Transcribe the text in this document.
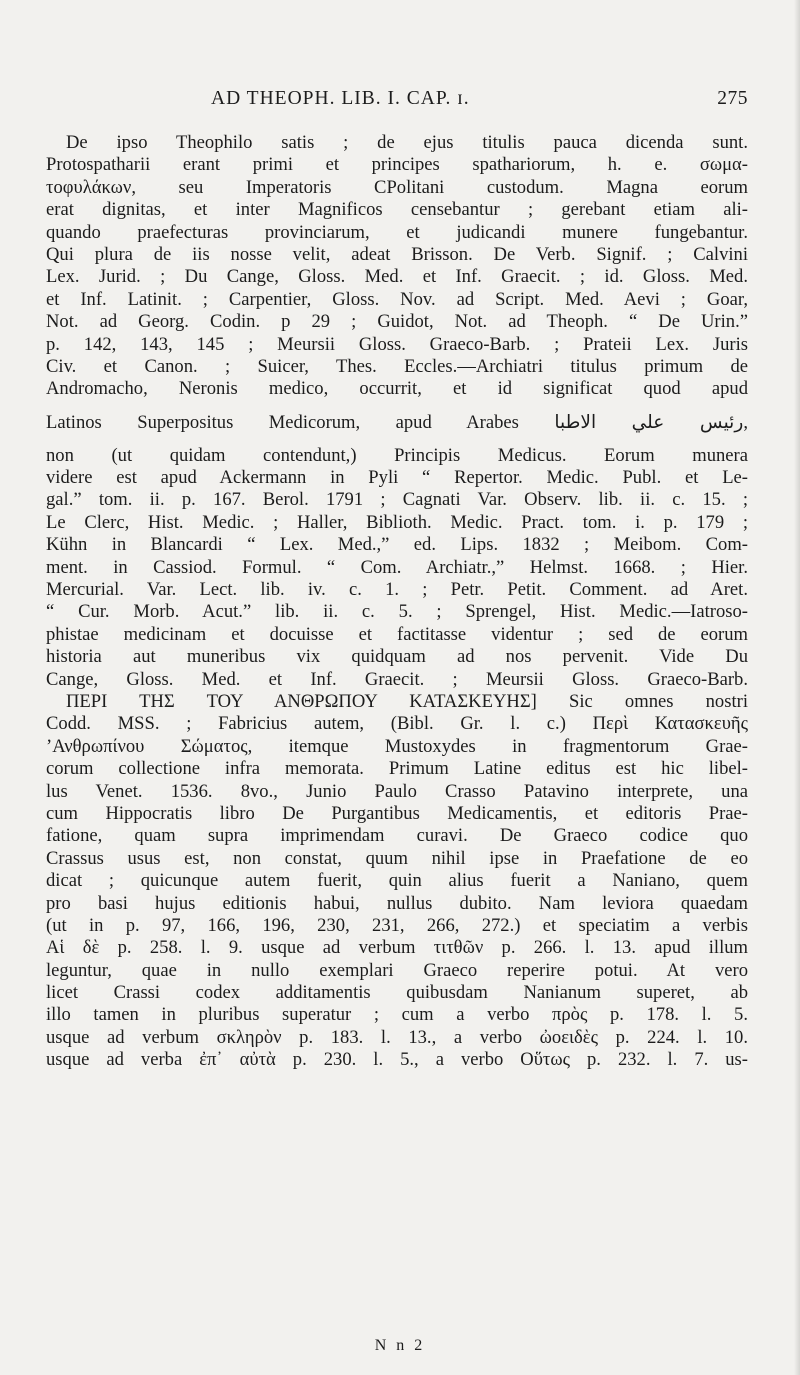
AD THEOPH. LIB. I. CAP. ɪ.	275
De ipso Theophilo satis ; de ejus titulis pauca dicenda sunt.
Protospatharii erant primi et principes spathariorum, h. e. σωμα-
τοφυλάκων, seu Imperatoris CPolitani custodum. Magna eorum
erat dignitas, et inter Magnificos censebantur ; gerebant etiam ali-
quando praefecturas provinciarum, et judicandi munere fungebantur.
Qui plura de iis nosse velit, adeat Brisson. De Verb. Signif. ; Calvini
Lex. Jurid. ; Du Cange, Gloss. Med. et Inf. Graecit. ; id. Gloss. Med.
et Inf. Latinit. ; Carpentier, Gloss. Nov. ad Script. Med. Aevi ; Goar,
Not. ad Georg. Codin. p 29 ; Guidot, Not. ad Theoph. “ De Urin.”
p. 142, 143, 145 ; Meursii Gloss. Graeco-Barb. ; Prateii Lex. Juris
Civ. et Canon. ; Suicer, Thes. Eccles.—Archiatri titulus primum de
Andromacho, Neronis medico, occurrit, et id significat quod apud
Latinos Superpositus Medicorum, apud Arabes رئيس علي الاطبا,
non (ut quidam contendunt,) Principis Medicus. Eorum munera
videre est apud Ackermann in Pyli “ Repertor. Medic. Publ. et Le-
gal.” tom. ii. p. 167. Berol. 1791 ; Cagnati Var. Observ. lib. ii. c. 15. ;
Le Clerc, Hist. Medic. ; Haller, Biblioth. Medic. Pract. tom. i. p. 179 ;
Kühn in Blancardi “ Lex. Med.,” ed. Lips. 1832 ; Meibom. Com-
ment. in Cassiod. Formul. “ Com. Archiatr.,” Helmst. 1668. ; Hier.
Mercurial. Var. Lect. lib. iv. c. 1. ; Petr. Petit. Comment. ad Aret.
“ Cur. Morb. Acut.” lib. ii. c. 5. ; Sprengel, Hist. Medic.—Iatroso-
phistae medicinam et docuisse et factitasse videntur ; sed de eorum
historia aut muneribus vix quidquam ad nos pervenit. Vide Du
Cange, Gloss. Med. et Inf. Graecit. ; Meursii Gloss. Graeco-Barb.
ΠΕΡΙ ΤΗΣ ΤΟΥ ΑΝΘΡΩΠΟΥ ΚΑΤΑΣΚΕΥΗΣ] Sic omnes nostri
Codd. MSS. ; Fabricius autem, (Bibl. Gr. l. c.) Περὶ Κατασκευῆς
’Ανθρωπίνου Σώματος, itemque Mustoxydes in fragmentorum Grae-
corum collectione infra memorata. Primum Latine editus est hic libel-
lus Venet. 1536. 8vo., Junio Paulo Crasso Patavino interprete, una
cum Hippocratis libro De Purgantibus Medicamentis, et editoris Prae-
fatione, quam supra imprimendam curavi. De Graeco codice quo
Crassus usus est, non constat, quum nihil ipse in Praefatione de eo
dicat ; quicunque autem fuerit, quin alius fuerit a Naniano, quem
pro basi hujus editionis habui, nullus dubito. Nam leviora quaedam
(ut in p. 97, 166, 196, 230, 231, 266, 272.) et speciatim a verbis
Αἱ δὲ p. 258. l. 9. usque ad verbum τιτθῶν p. 266. l. 13. apud illum
leguntur, quae in nullo exemplari Graeco reperire potui. At vero
licet Crassi codex additamentis quibusdam Nanianum superet, ab
illo tamen in pluribus superatur ; cum a verbo πρὸς p. 178. l. 5.
usque ad verbum σκληρὸν p. 183. l. 13., a verbo ὠοειδὲς p. 224. l. 10.
usque ad verba ἐπ᾽ αὐτὰ p. 230. l. 5., a verbo Οὕτως p. 232. l. 7. us-
N n 2
